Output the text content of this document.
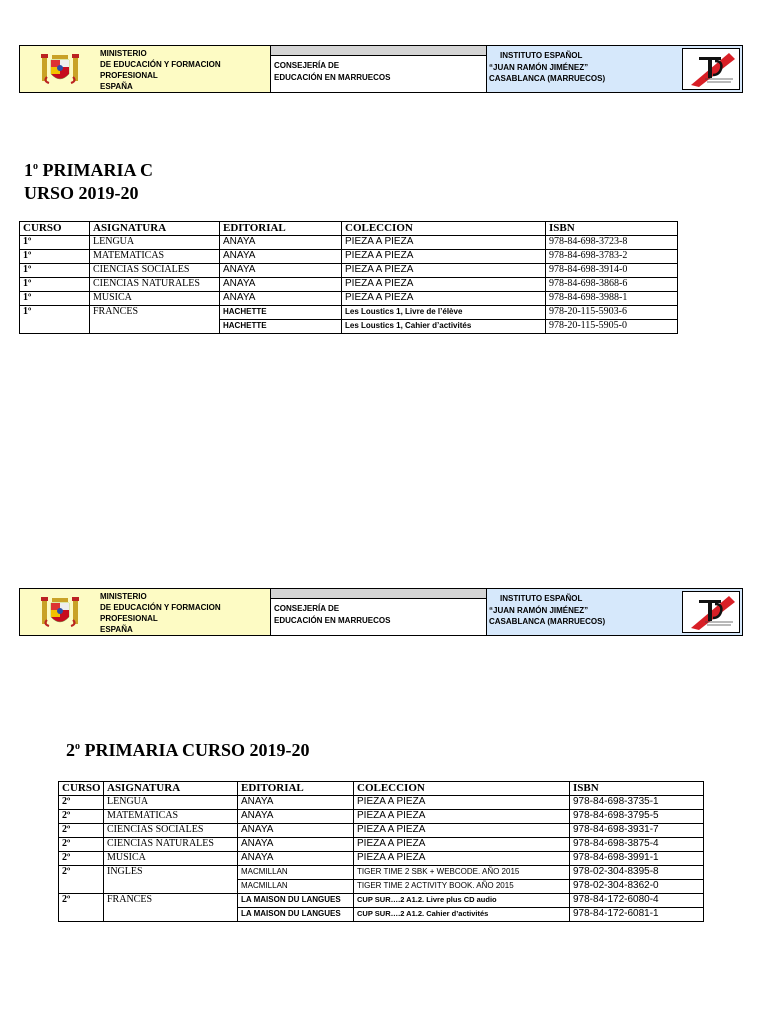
MINISTERIO
DE EDUCACIÓN Y FORMACION
PROFESIONAL
ESPAÑA
CONSEJERÍA DE
EDUCACIÓN EN MARRUECOS
INSTITUTO ESPAÑOL
“JUAN RAMÓN JIMÉNEZ”
CASABLANCA (MARRUECOS)
1$^o$ PRIMARIA C
URSO 2019-20
CURSO	ASIGNATURA	EDITORIAL	COLECCION	ISBN
1º	LENGUA	ANAYA	PIEZA A PIEZA	978-84-698-3723-8
1º	MATEMATICAS	ANAYA	PIEZA A PIEZA	978-84-698-3783-2
1º	CIENCIAS SOCIALES	ANAYA	PIEZA A PIEZA	978-84-698-3914-0
1º	CIENCIAS NATURALES	ANAYA	PIEZA A PIEZA	978-84-698-3868-6
1º	MUSICA	ANAYA	PIEZA A PIEZA	978-84-698-3988-1
1º	FRANCES	HACHETTE	Les Loustics 1, Livre de l’élève	978-20-115-5903-6
		HACHETTE	Les Loustics 1, Cahier d’activités	978-20-115-5905-0
MINISTERIO
DE EDUCACIÓN Y FORMACION
PROFESIONAL
ESPAÑA
CONSEJERÍA DE
EDUCACIÓN EN MARRUECOS
INSTITUTO ESPAÑOL
“JUAN RAMÓN JIMÉNEZ”
CASABLANCA (MARRUECOS)
2$^o$ PRIMARIA CURSO 2019-20
CURSO	ASIGNATURA	EDITORIAL	COLECCION	ISBN
2º	LENGUA	ANAYA	PIEZA A PIEZA	978-84-698-3735-1
2º	MATEMATICAS	ANAYA	PIEZA A PIEZA	978-84-698-3795-5
2º	CIENCIAS SOCIALES	ANAYA	PIEZA A PIEZA	978-84-698-3931-7
2º	CIENCIAS NATURALES	ANAYA	PIEZA A PIEZA	978-84-698-3875-4
2º	MUSICA	ANAYA	PIEZA A PIEZA	978-84-698-3991-1
2º	INGLES	MACMILLAN	TIGER TIME 2 SBK + WEBCODE. AÑO 2015	978-02-304-8395-8
		MACMILLAN	TIGER TIME 2 ACTIVITY BOOK. AÑO 2015	978-02-304-8362-0
2º	FRANCES	LA MAISON DU LANGUES	CUP SUR….2 A1.2. Livre plus CD audio	978-84-172-6080-4
		LA MAISON DU LANGUES	CUP SUR….2 A1.2. Cahier d’activités	978-84-172-6081-1
